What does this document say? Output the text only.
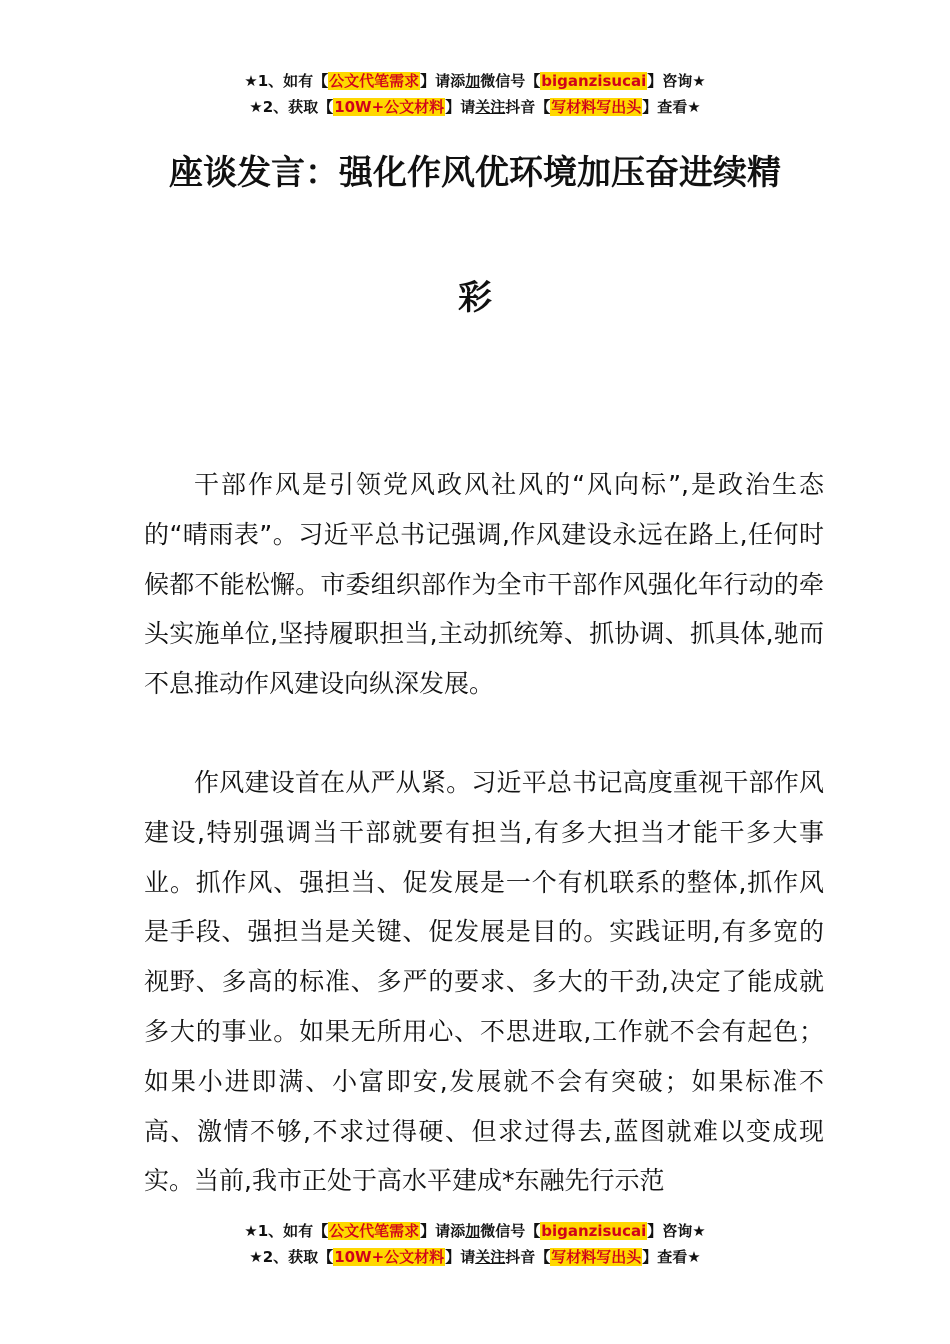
★1、如有【公文代笔需求】请添加微信号【biganzisucai】咨询★
★2、获取【10W+公文材料】请关注抖音【写材料写出头】查看★
座谈发言：强化作风优环境加压奋进续精
彩

干部作风是引领党风政风社风的“风向标”,是政治生态的“晴雨表”。习近平总书记强调,作风建设永远在路上,任何时候都不能松懈。市委组织部作为全市干部作风强化年行动的牵头实施单位,坚持履职担当,主动抓统筹、抓协调、抓具体,驰而不息推动作风建设向纵深发展。

作风建设首在从严从紧。习近平总书记高度重视干部作风建设,特别强调当干部就要有担当,有多大担当才能干多大事业。抓作风、强担当、促发展是一个有机联系的整体,抓作风是手段、强担当是关键、促发展是目的。实践证明,有多宽的视野、多高的标准、多严的要求、多大的干劲,决定了能成就多大的事业。如果无所用心、不思进取,工作就不会有起色；如果小进即满、小富即安,发展就不会有突破；如果标准不高、激情不够,不求过得硬、但求过得去,蓝图就难以变成现实。当前,我市正处于高水平建成*东融先行示范

★1、如有【公文代笔需求】请添加微信号【biganzisucai】咨询★
★2、获取【10W+公文材料】请关注抖音【写材料写出头】查看★
